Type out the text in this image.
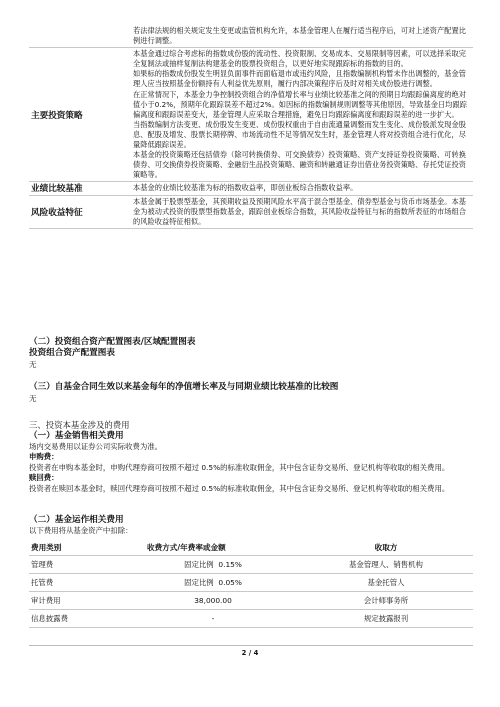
	若法律法规的相关规定发生变更或监管机构允许，本基金管理人在履行适当程序后，可对上述资产配置比例进行调整。
主要投资策略	本基金通过综合考虑标的指数成份股的流动性、投资限制、交易成本、交易限制等因素，可以选择采取完全复制法或抽样复制法构建基金的股票投资组合，以更好地实现跟踪标的指数的目的。

如果标的指数成份股发生明显负面事件而面临退市或违约风险，且指数编制机构暂未作出调整的，基金管理人应当按照基金份额持有人利益优先原则，履行内部决策程序后及时对相关成份股进行调整。

在正常情况下，本基金力争控制投资组合的净值增长率与业绩比较基准之间的预期日均跟踪偏离度的绝对值小于0.2%，预期年化跟踪误差不超过2%。如因标的指数编制规则调整等其他原因，导致基金日均跟踪偏离度和跟踪误差变大，基金管理人应采取合理措施，避免日均跟踪偏离度和跟踪误差的进一步扩大。

当指数编制方法变更、成份股发生变更、成份股权重由于自由流通量调整而发生变化、成份股派发现金股息、配股及增发、股票长期停牌、市场流动性不足等情况发生时，基金管理人将对投资组合进行优化，尽量降低跟踪误差。

本基金的投资策略还包括债券（除可转换债券、可交换债券）投资策略、资产支持证券投资策略、可转换债券、可交换债券投资策略、金融衍生品投资策略、融资和转融通证券出借业务投资策略、存托凭证投资策略等。

业绩比较基准	本基金的业绩比较基准为标的指数收益率，即创业板综合指数收益率。
风险收益特征	本基金属于股票型基金，其预期收益及预期风险水平高于混合型基金、债券型基金与货币市场基金。本基金为被动式投资的股票型指数基金，跟踪创业板综合指数，其风险收益特征与标的指数所表征的市场组合的风险收益特征相似。
（二）投资组合资产配置图表/区域配置图表
投资组合资产配置图表
无
（三）自基金合同生效以来基金每年的净值增长率及与同期业绩比较基准的比较图
无
三、投资本基金涉及的费用
（一）基金销售相关费用
场内交易费用以证券公司实际收费为准。
申购费：
投资者在申购本基金时，申购代理券商可按照不超过 0.5%的标准收取佣金，其中包含证券交易所、登记机构等收取的相关费用。
赎回费：
投资者在赎回本基金时，赎回代理券商可按照不超过 0.5%的标准收取佣金，其中包含证券交易所、登记机构等收取的相关费用。
（二）基金运作相关费用
以下费用将从基金资产中扣除：
费用类别	收费方式/年费率或金额	收取方
管理费	固定比例 0.15%	基金管理人、销售机构
托管费	固定比例 0.05%	基金托管人
审计费用	38,000.00	会计师事务所
信息披露费	-	规定披露报刊
2 / 4
